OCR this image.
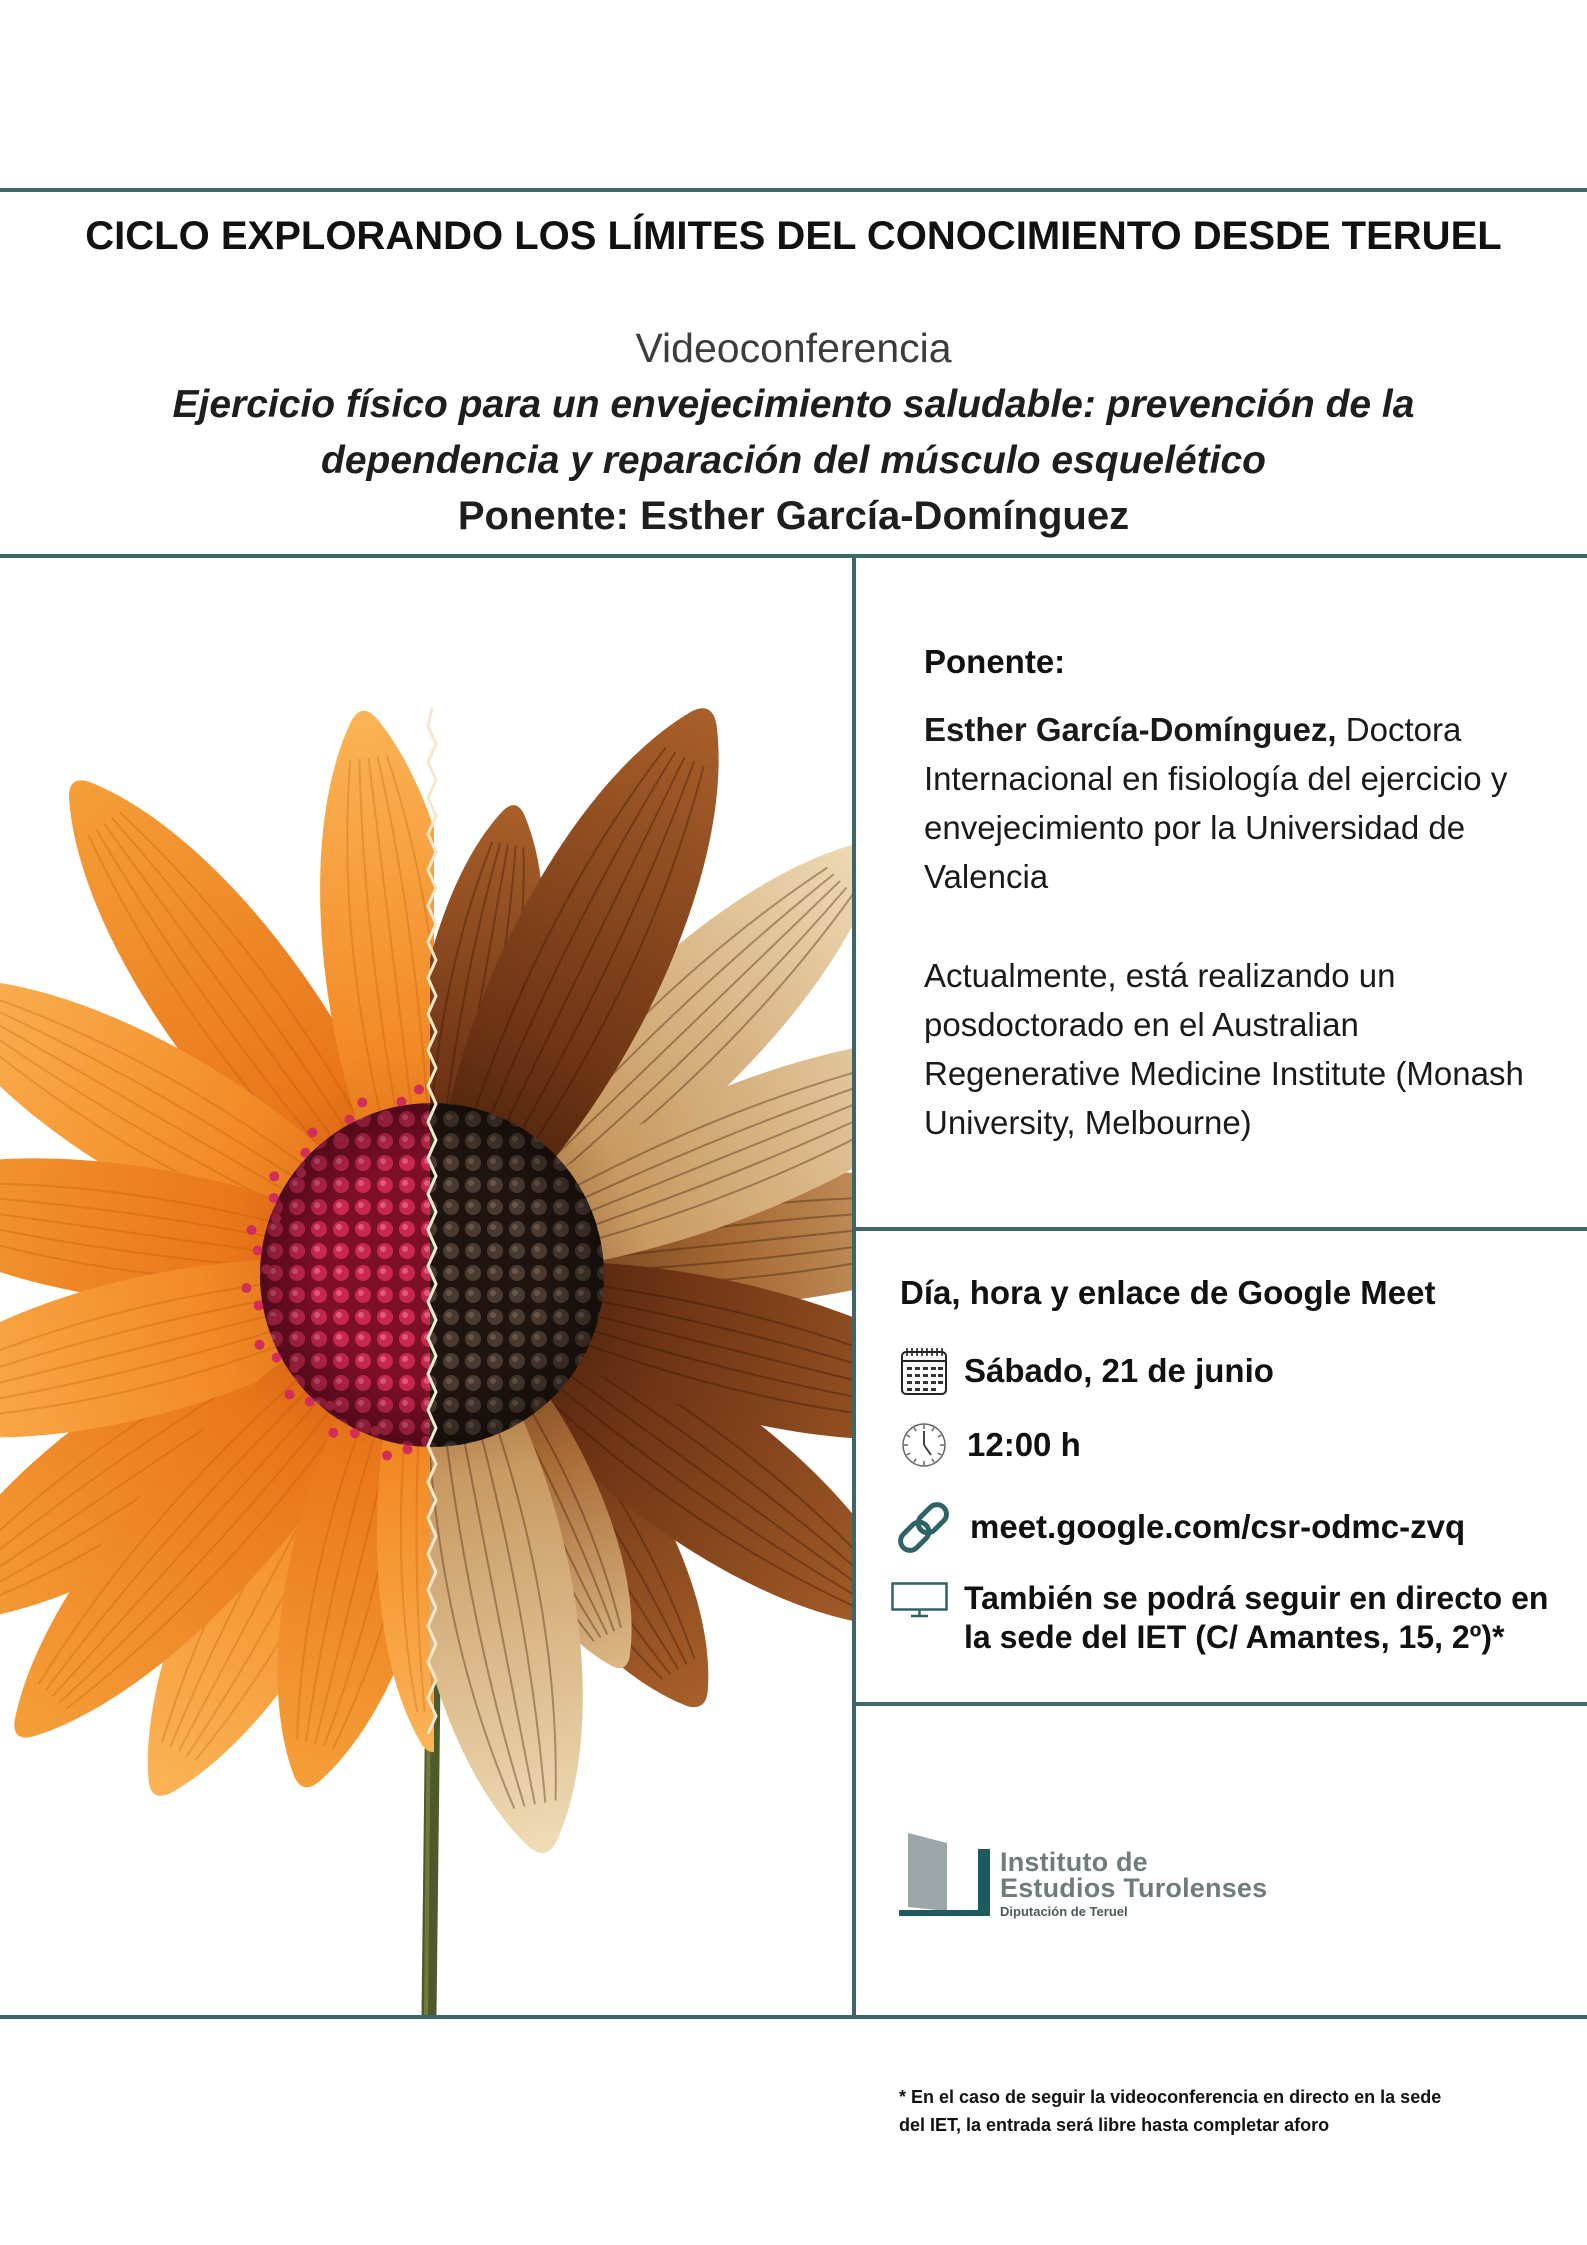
CICLO EXPLORANDO LOS LÍMITES DEL CONOCIMIENTO DESDE TERUEL
Videoconferencia
Ejercicio físico para un envejecimiento saludable: prevención de la
dependencia y reparación del músculo esquelético
Ponente: Esther García-Domínguez
Ponente:
Esther García-Domínguez, Doctora
Internacional en fisiología del ejercicio y
envejecimiento por la Universidad de
Valencia
Actualmente, está realizando un
posdoctorado en el Australian
Regenerative Medicine Institute (Monash
University, Melbourne)
Día, hora y enlace de Google Meet
Sábado, 21 de junio
12:00 h
meet.google.com/csr-odmc-zvq
También se podrá seguir en directo en
la sede del IET (C/ Amantes, 15, 2º)*
Instituto de
Estudios Turolenses
Diputación de Teruel
* En el caso de seguir la videoconferencia en directo en la sede
del IET, la entrada será libre hasta completar aforo
